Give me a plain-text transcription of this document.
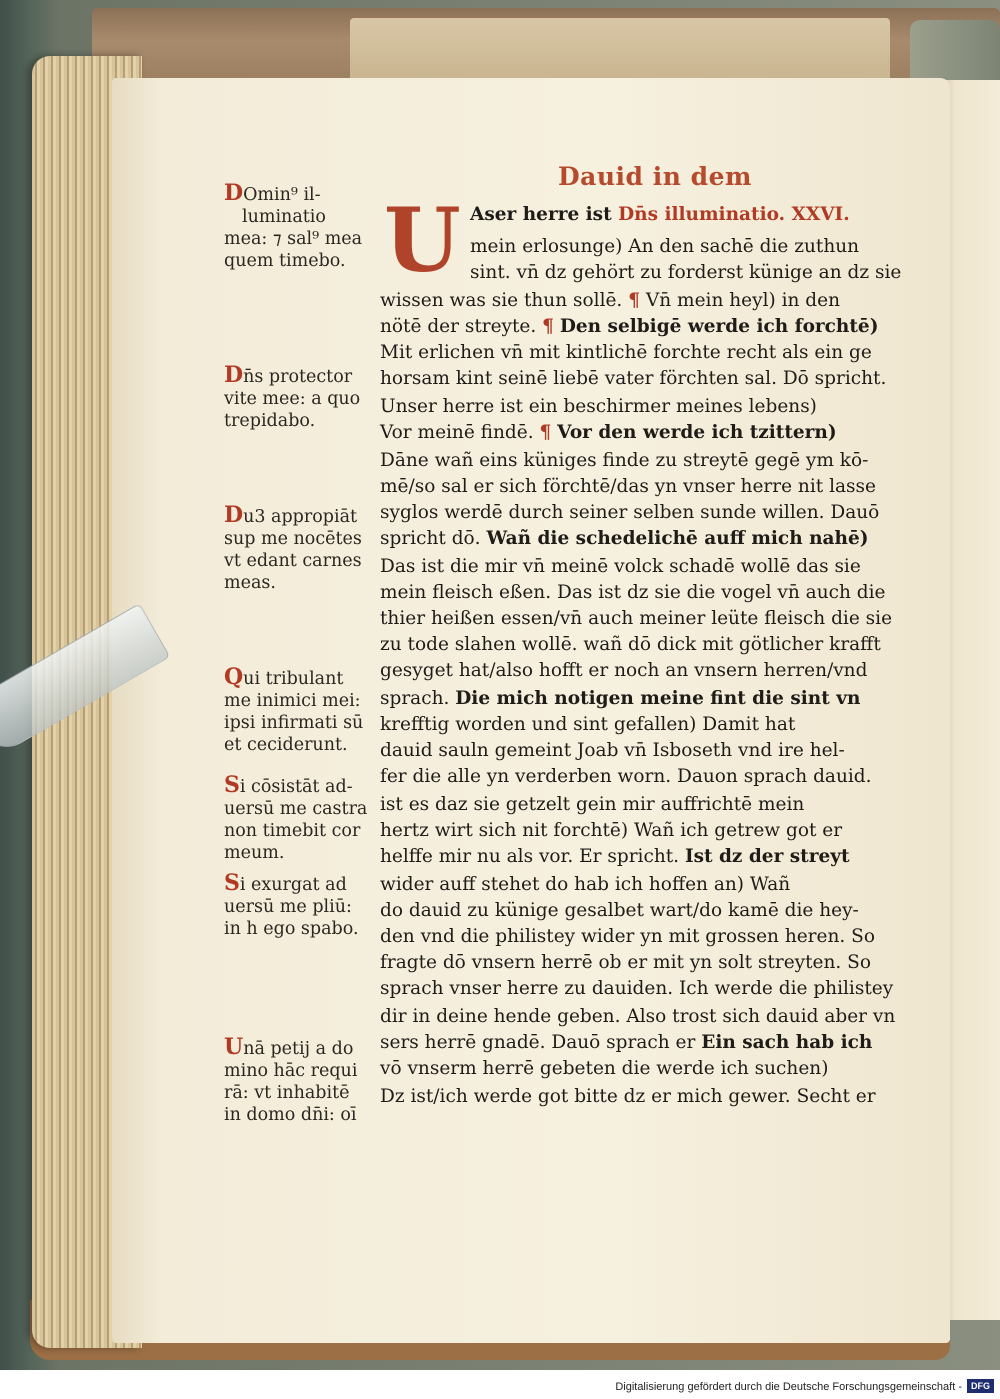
Dauid in dem
DOmin⁹ il-
luminatio
mea: ⁊ sal⁹ mea
quem timebo.
Dn̄s protector
vite mee: a quo
trepidabo.
Du3 appropiāt
sup me nocētes
vt edant carnes
meas.
Qui tribulant
me inimici mei:
ipsi infirmati sū
et ceciderunt.
Si cōsistāt ad-
uersū me castra
non timebit cor
meum.
Si exurgat ad
uersū me pliū:
in h ego spabo.
Unā petij a do
mino hāc requi
rā: vt inhabitē
in domo dn̄i: oī
U Aser herre ist Dn̄s illuminatio. XXVI.
mein erlosunge) An den sachē die zuthun
sint. vn̄ dz gehört zu forderst künige an dz sie
wissen was sie thun sollē. ¶ Vn̄ mein heyl) in den
nötē der streyte. ¶ Den selbigē werde ich forchtē)
Mit erlichen vn̄ mit kintlichē forchte recht als ein ge
horsam kint seinē liebē vater förchten sal. Dō spricht.
Unser herre ist ein beschirmer meines lebens)
Vor meinē findē. ¶ Vor den werde ich tzittern)
Dāne wañ eins küniges finde zu streytē gegē ym kō-
mē/so sal er sich förchtē/das yn vnser herre nit lasse
syglos werdē durch seiner selben sunde willen. Dauō
spricht dō. Wañ die schedelichē auff mich nahē)
Das ist die mir vn̄ meinē volck schadē wollē das sie
mein fleisch eßen. Das ist dz sie die vogel vn̄ auch die
thier heißen essen/vn̄ auch meiner leüte fleisch die sie
zu tode slahen wollē. wañ dō dick mit götlicher krafft
gesyget hat/also hofft er noch an vnsern herren/vnd
sprach. Die mich notigen meine fint die sint vn
krefftig worden und sint gefallen) Damit hat
dauid sauln gemeint Joab vn̄ Isboseth vnd ire hel-
fer die alle yn verderben worn. Dauon sprach dauid.
ist es daz sie getzelt gein mir auffrichtē mein
hertz wirt sich nit forchtē) Wañ ich getrew got er
helffe mir nu als vor. Er spricht. Ist dz der streyt
wider auff stehet do hab ich hoffen an) Wañ
do dauid zu künige gesalbet wart/do kamē die hey-
den vnd die philistey wider yn mit grossen heren. So
fragte dō vnsern herrē ob er mit yn solt streyten. So
sprach vnser herre zu dauiden. Ich werde die philistey
dir in deine hende geben. Also trost sich dauid aber vn
sers herrē gnadē. Dauō sprach er Ein sach hab ich
vō vnserm herrē gebeten die werde ich suchen)
Dz ist/ich werde got bitte dz er mich gewer. Secht er
Digitalisierung gefördert durch die Deutsche Forschungsgemeinschaft -	DFG
